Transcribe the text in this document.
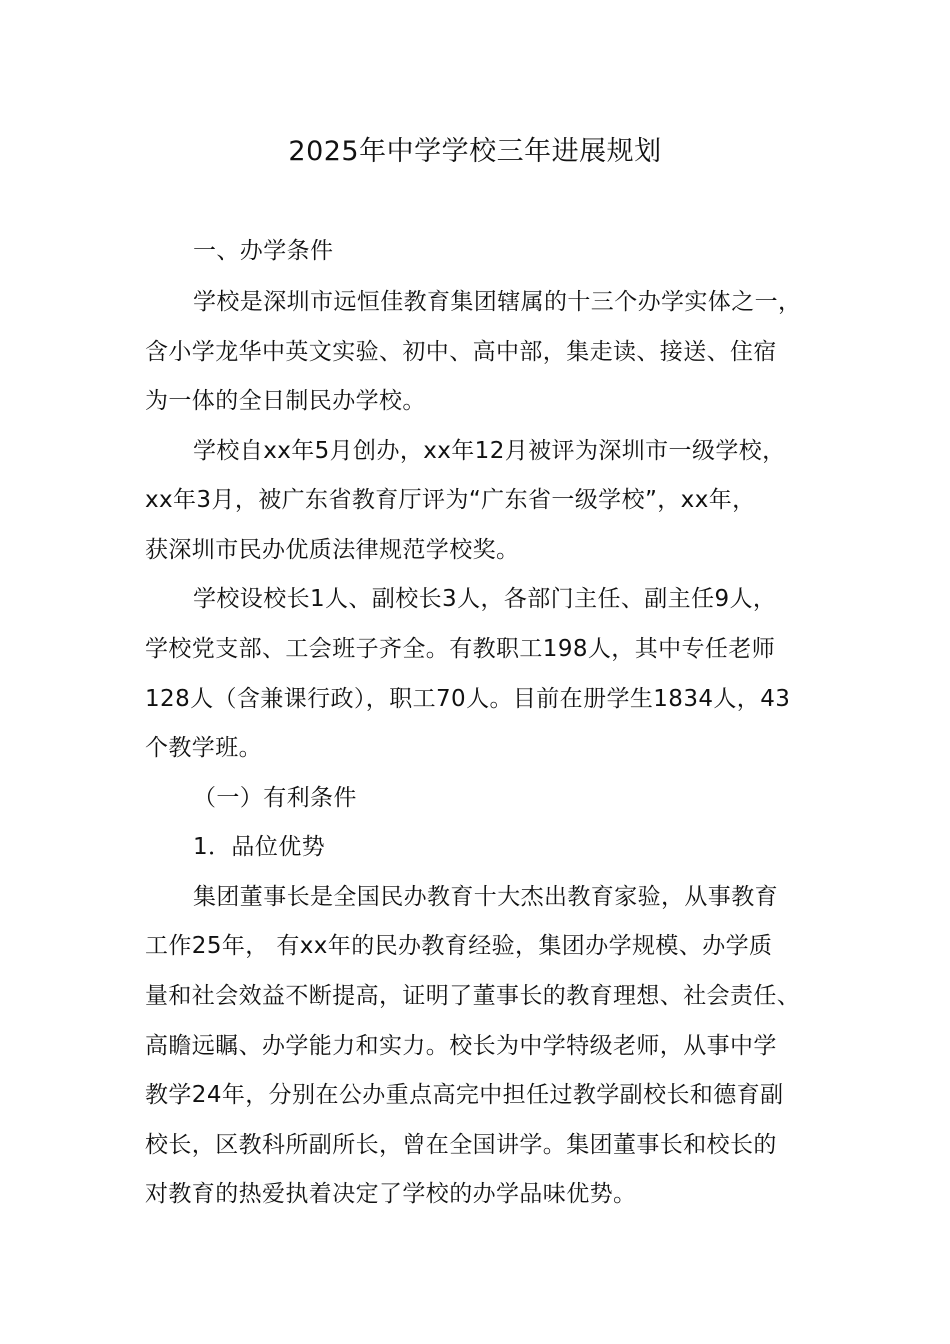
2025年中学学校三年进展规划
一、办学条件
学校是深圳市远恒佳教育集团辖属的十三个办学实体之一，
含小学龙华中英文实验、初中、高中部，集走读、接送、住宿
为一体的全日制民办学校。
学校自xx年5月创办，xx年12月被评为深圳市一级学校，
xx年3月，被广东省教育厅评为“广东省一级学校”，xx年，
获深圳市民办优质法律规范学校奖。
学校设校长1人、副校长3人，各部门主任、副主任9人，
学校党支部、工会班子齐全。有教职工198人，其中专任老师
128人（含兼课行政），职工70人。目前在册学生1834人，43
个教学班。
（一）有利条件
1．品位优势
集团董事长是全国民办教育十大杰出教育家验，从事教育
工作25年， 有xx年的民办教育经验，集团办学规模、办学质
量和社会效益不断提高，证明了董事长的教育理想、社会责任、
高瞻远瞩、办学能力和实力。校长为中学特级老师，从事中学
教学24年，分别在公办重点高完中担任过教学副校长和德育副
校长，区教科所副所长，曾在全国讲学。集团董事长和校长的
对教育的热爱执着决定了学校的办学品味优势。
